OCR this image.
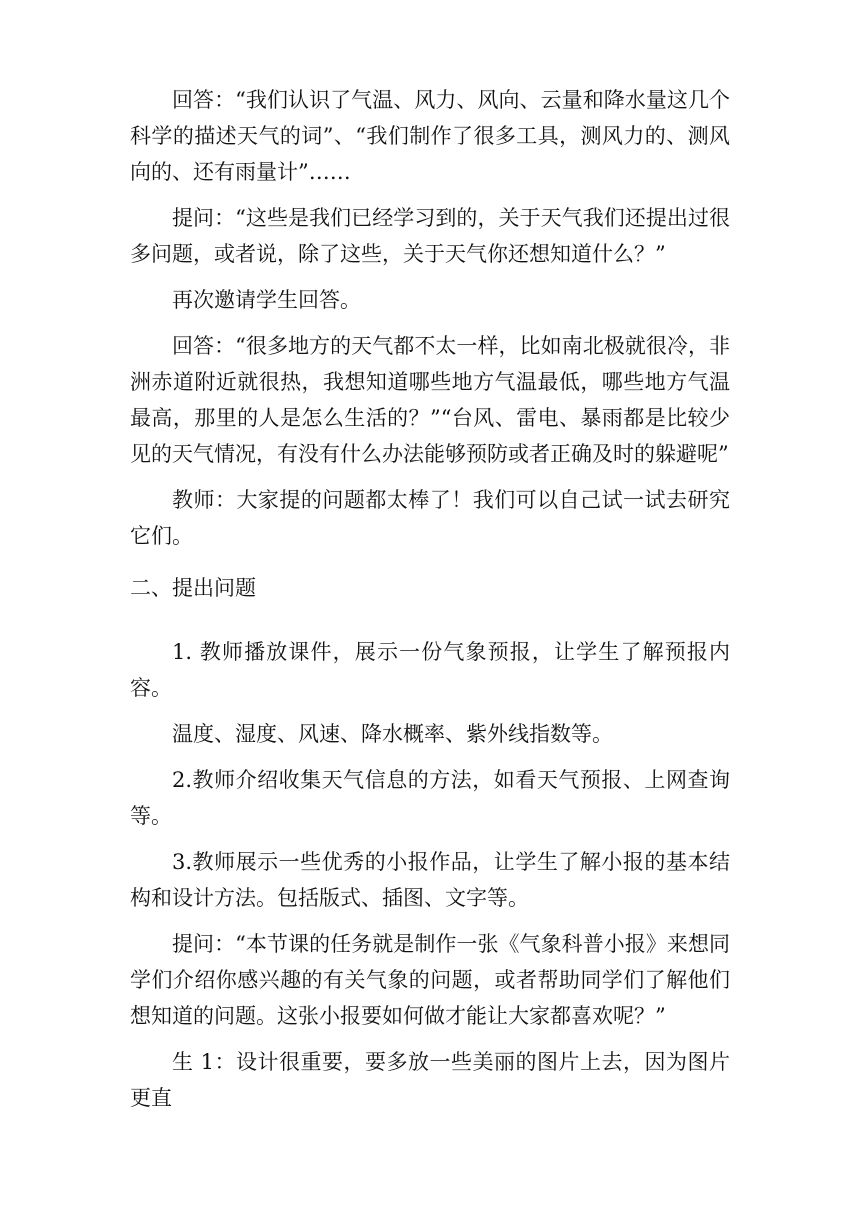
回答：“我们认识了气温、风力、风向、云量和降水量这几个科学的描述天气的词”、“我们制作了很多工具，测风力的、测风向的、还有雨量计”……

提问：“这些是我们已经学习到的，关于天气我们还提出过很多问题，或者说，除了这些，关于天气你还想知道什么？”

再次邀请学生回答。

回答：“很多地方的天气都不太一样，比如南北极就很冷，非洲赤道附近就很热，我想知道哪些地方气温最低，哪些地方气温最高，那里的人是怎么生活的？”“台风、雷电、暴雨都是比较少见的天气情况，有没有什么办法能够预防或者正确及时的躲避呢”

教师：大家提的问题都太棒了！我们可以自己试一试去研究它们。

二、提出问题

1. 教师播放课件，展示一份气象预报，让学生了解预报内容。

温度、湿度、风速、降水概率、紫外线指数等。

2.教师介绍收集天气信息的方法，如看天气预报、上网查询等。

3.教师展示一些优秀的小报作品，让学生了解小报的基本结构和设计方法。包括版式、插图、文字等。

提问：“本节课的任务就是制作一张《气象科普小报》来想同学们介绍你感兴趣的有关气象的问题，或者帮助同学们了解他们想知道的问题。这张小报要如何做才能让大家都喜欢呢？”

生 1：设计很重要，要多放一些美丽的图片上去，因为图片更直
